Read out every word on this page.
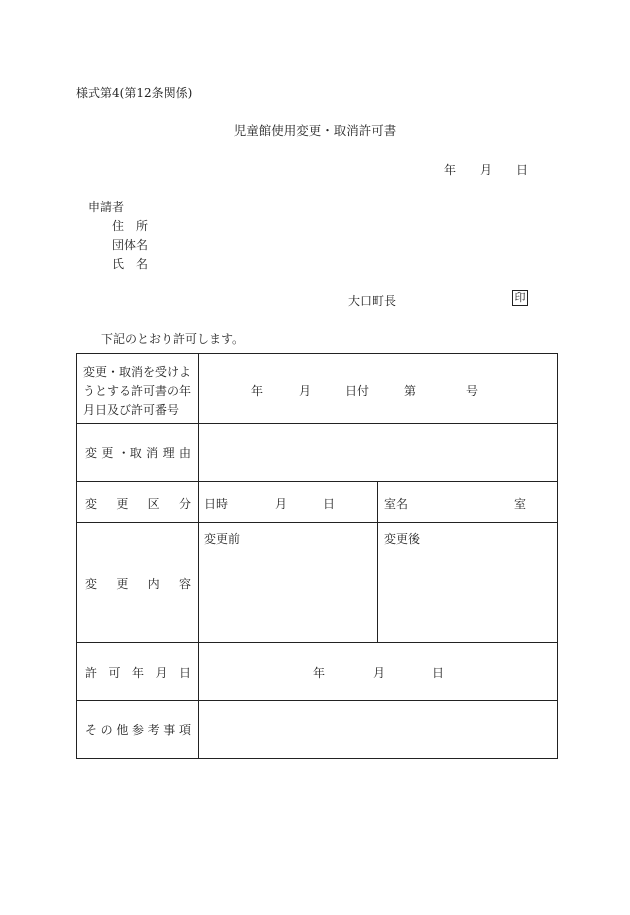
様式第4(第12条関係)
児童館使用変更・取消許可書
年 月 日
申請者
住　所
団体名
氏　名
大口町長	印
下記のとおり許可します。
変更・取消を受けよ
うとする許可書の年
月日及び許可番号
年	月	日付	第	号
変 更 ・取 消 理 由
変 更 区 分 日時	月	日	室名	室
変 更 内 容
変更前	変更後
許 可 年 月 日	年	月	日
そ の 他 参 考 事 項
